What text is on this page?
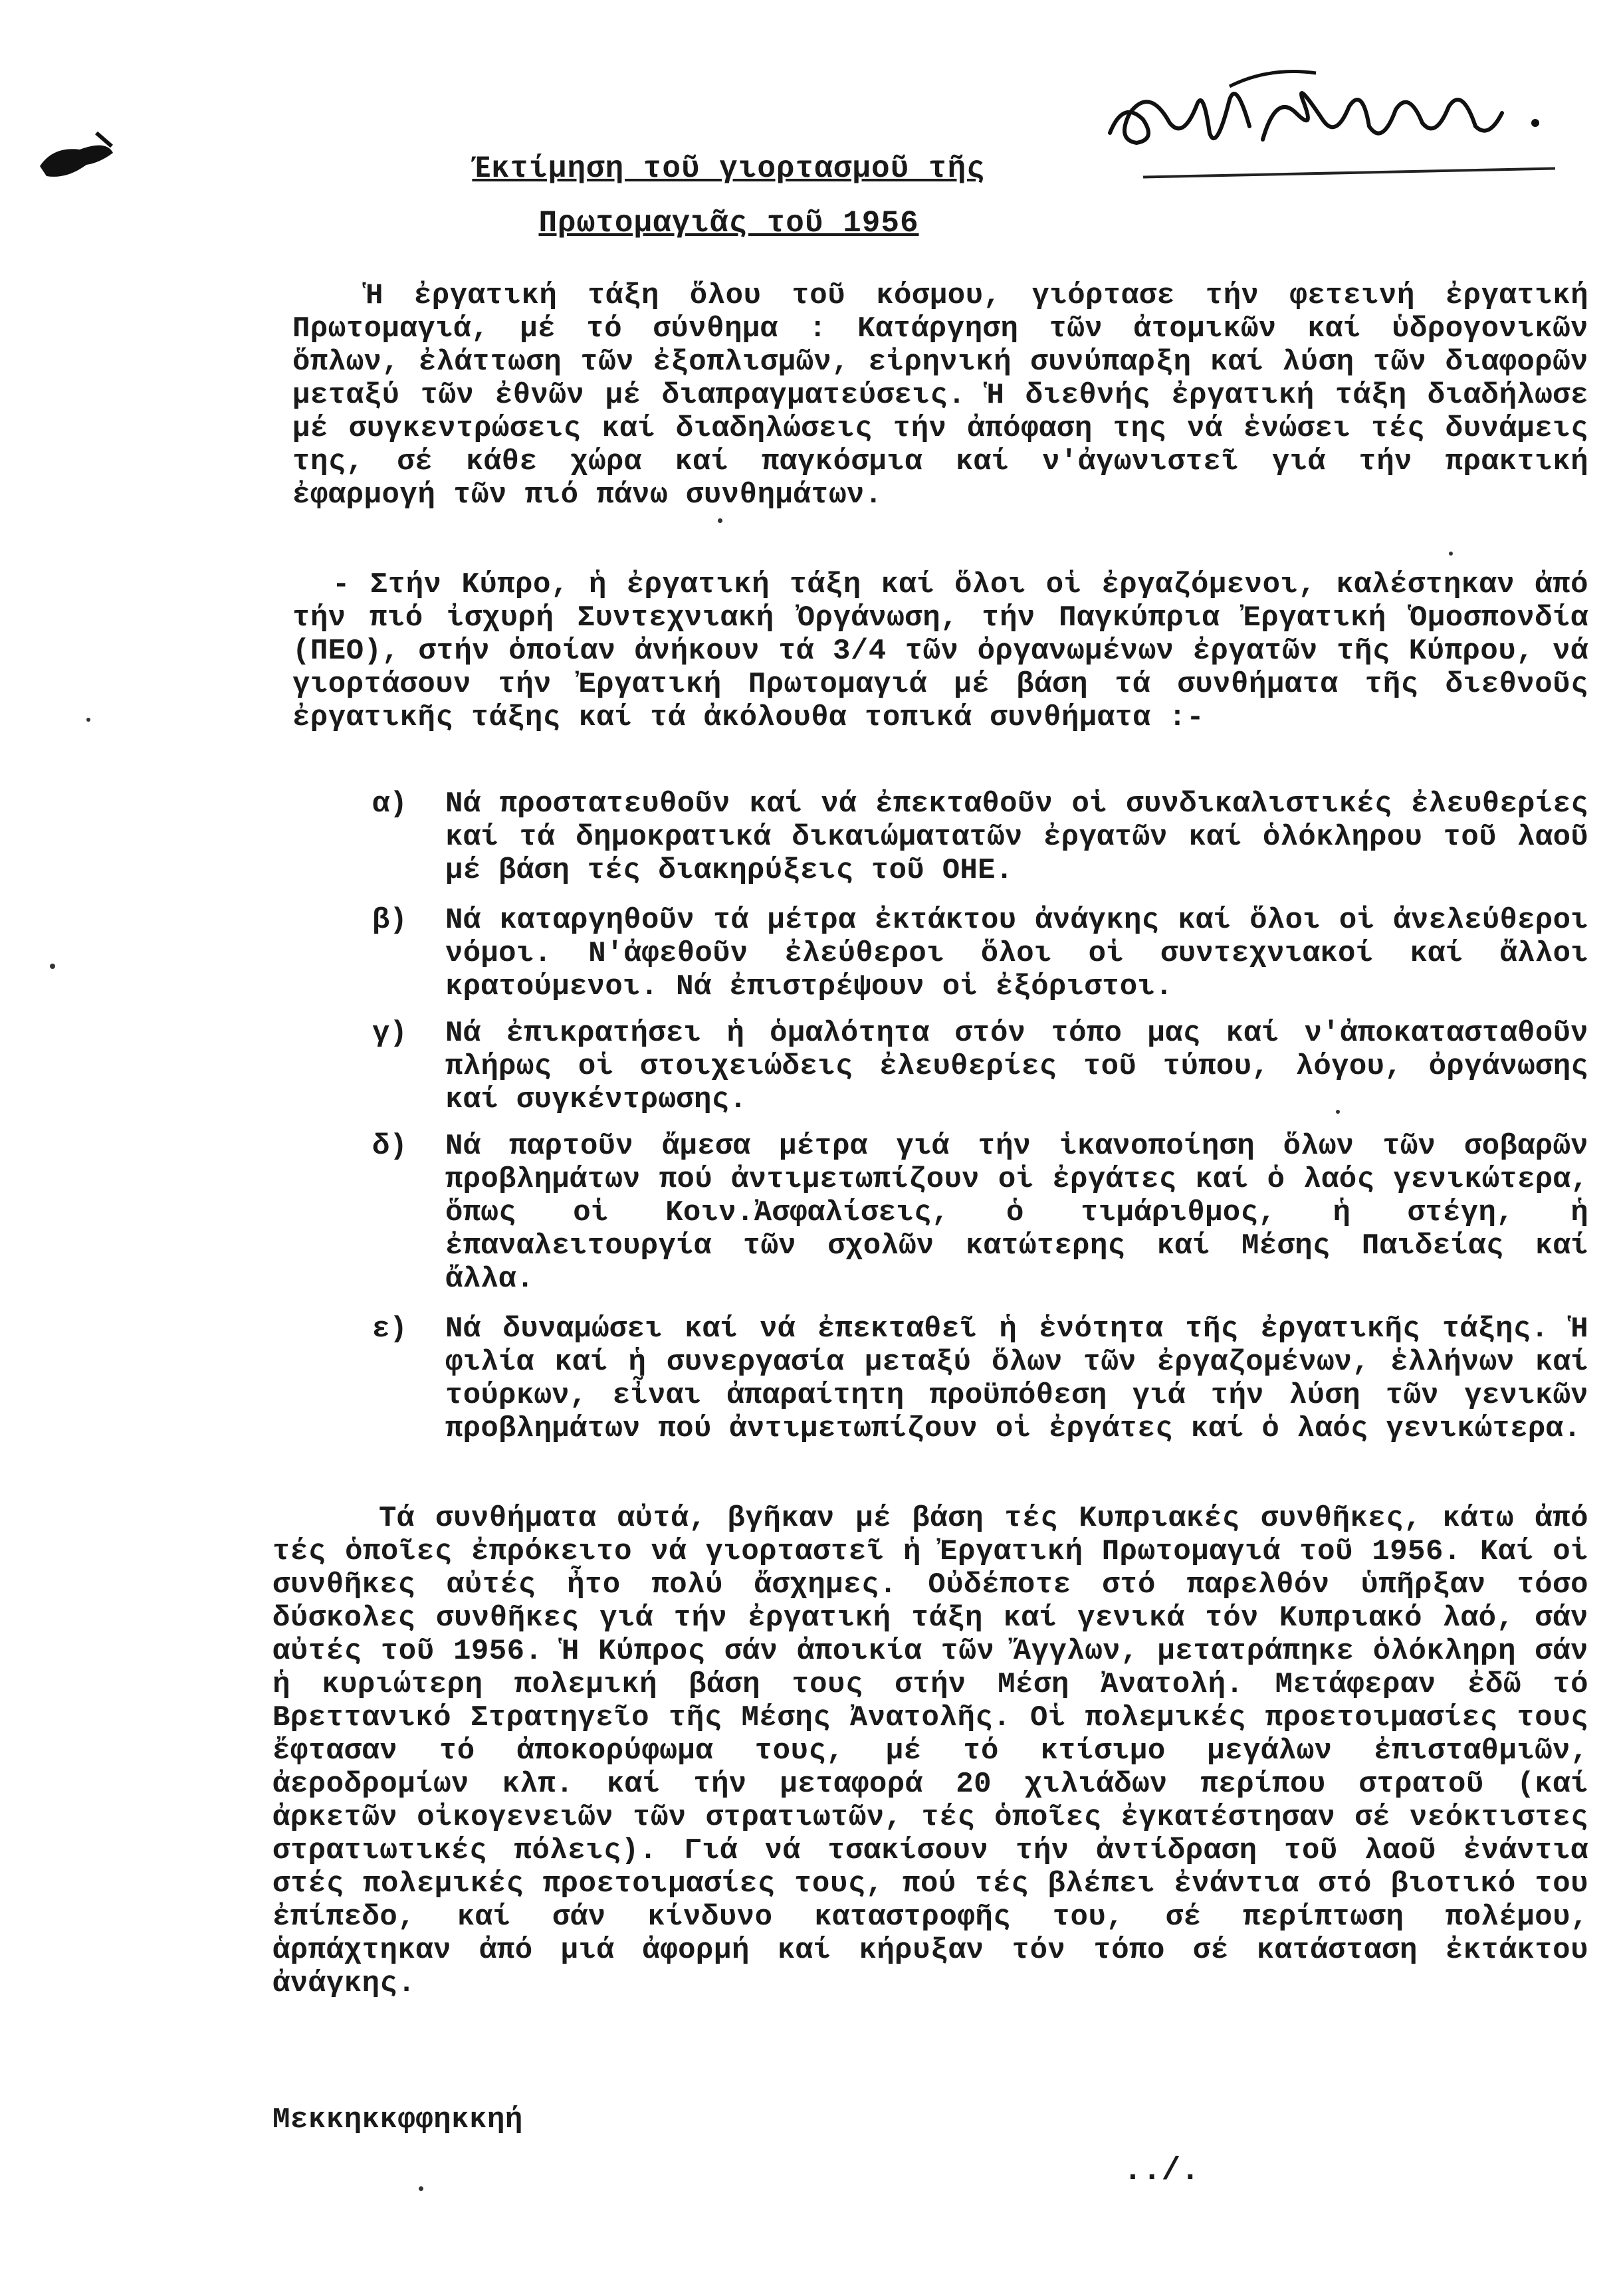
Έκτίμηση τοῦ γιορτασμοῦ τῆς
Πρωτομαγιᾶς τοῦ 1956
Ἡ ἐργατική τάξη ὅλου τοῦ κόσμου, γιόρτασε τήν φετεινή ἐργατική Πρωτομαγιά, μέ τό σύνθημα : Κατάργηση τῶν ἀτομικῶν καί ὑδρογονικῶν ὅπλων, ἐλάττωση τῶν ἐξοπλισμῶν, εἰρηνική συνύπαρξη καί λύση τῶν διαφορῶν μεταξύ τῶν ἐθνῶν μέ διαπραγματεύσεις. Ἡ διεθνής ἐργατική τάξη διαδήλωσε μέ συγκεντρώσεις καί διαδηλώσεις τήν ἀπόφαση της νά ἑνώσει τές δυνάμεις της, σέ κάθε χώρα καί παγκόσμια καί ν'ἀγωνιστεῖ γιά τήν πρακτική ἐφαρμογή τῶν πιό πάνω συνθημάτων.
- Στήν Κύπρο, ἡ ἐργατική τάξη καί ὅλοι οἱ ἐργαζόμενοι, καλέστηκαν ἀπό τήν πιό ἰσχυρή Συντεχνιακή Ὀργάνωση, τήν Παγκύπρια Ἐργατική Ὁμοσπονδία (ΠΕΟ), στήν ὁποίαν ἀνήκουν τά 3/4 τῶν ὀργανωμένων ἐργατῶν τῆς Κύπρου, νά γιορτάσουν τήν Ἐργατική Πρωτομαγιά μέ βάση τά συνθήματα τῆς διεθνοῦς ἐργατικῆς τάξης καί τά ἀκόλουθα τοπικά συνθήματα :-
α) Νά προστατευθοῦν καί νά ἐπεκταθοῦν οἱ συνδικαλιστικές ἐλευθερίες καί τά δημοκρατικά δικαιώματατῶν ἐργατῶν καί ὁλόκληρου τοῦ λαοῦ μέ βάση τές διακηρύξεις τοῦ ΟΗΕ.
β) Νά καταργηθοῦν τά μέτρα ἐκτάκτου ἀνάγκης καί ὅλοι οἱ ἀνελεύθεροι νόμοι. Ν'ἀφεθοῦν ἐλεύθεροι ὅλοι οἱ συντεχνιακοί καί ἄλλοι κρατούμενοι. Νά ἐπιστρέψουν οἱ ἐξόριστοι.
γ) Νά ἐπικρατήσει ἡ ὁμαλότητα στόν τόπο μας καί ν'ἀποκατασταθοῦν πλήρως οἱ στοιχειώδεις ἐλευθερίες τοῦ τύπου, λόγου, ὀργάνωσης καί συγκέντρωσης.
δ) Νά παρτοῦν ἄμεσα μέτρα γιά τήν ἱκανοποίηση ὅλων τῶν σοβαρῶν προβλημάτων πού ἀντιμετωπίζουν οἱ ἐργάτες καί ὁ λαός γενικώτερα, ὅπως οἱ Κοιν.Ἀσφαλίσεις, ὁ τιμάριθμος, ἡ στέγη, ἡ ἐπαναλειτουργία τῶν σχολῶν κατώτερης καί Μέσης Παιδείας καί ἄλλα.
ε) Νά δυναμώσει καί νά ἐπεκταθεῖ ἡ ἑνότητα τῆς ἐργατικῆς τάξης. Ἡ φιλία καί ἡ συνεργασία μεταξύ ὅλων τῶν ἐργαζομένων, ἑλλήνων καί τούρκων, εἶναι ἀπαραίτητη προϋπόθεση γιά τήν λύση τῶν γενικῶν προβλημάτων πού ἀντιμετωπίζουν οἱ ἐργάτες καί ὁ λαός γενικώτερα.
Τά συνθήματα αὐτά, βγῆκαν μέ βάση τές Κυπριακές συνθῆκες, κάτω ἀπό τές ὁποῖες ἐπρόκειτο νά γιορταστεῖ ἡ Ἐργατική Πρωτομαγιά τοῦ 1956. Καί οἱ συνθῆκες αὐτές ἦτο πολύ ἄσχημες. Οὐδέποτε στό παρελθόν ὑπῆρξαν τόσο δύσκολες συνθῆκες γιά τήν ἐργατική τάξη καί γενικά τόν Κυπριακό λαό, σάν αὐτές τοῦ 1956. Ἡ Κύπρος σάν ἀποικία τῶν Ἄγγλων, μετατράπηκε ὁλόκληρη σάν ἡ κυριώτερη πολεμική βάση τους στήν Μέση Ἀνατολή. Μετάφεραν ἐδῶ τό Βρεττανικό Στρατηγεῖο τῆς Μέσης Ἀνατολῆς. Οἱ πολεμικές προετοιμασίες τους ἔφτασαν τό ἀποκορύφωμα τους, μέ τό κτίσιμο μεγάλων ἐπισταθμιῶν, ἀεροδρομίων κλπ. καί τήν μεταφορά 20 χιλιάδων περίπου στρατοῦ (καί ἀρκετῶν οἰκογενειῶν τῶν στρατιωτῶν, τές ὁποῖες ἐγκατέστησαν σέ νεόκτιστες στρατιωτικές πόλεις). Γιά νά τσακίσουν τήν ἀντίδραση τοῦ λαοῦ ἐνάντια στές πολεμικές προετοιμασίες τους, πού τές βλέπει ἐνάντια στό βιοτικό του ἐπίπεδο, καί σάν κίνδυνο καταστροφῆς του, σέ περίπτωση πολέμου, ἁρπάχτηκαν ἀπό μιά ἀφορμή καί κήρυξαν τόν τόπο σέ κατάσταση ἐκτάκτου ἀνάγκης.
Μεκκηκκφφηκκηή
../.
